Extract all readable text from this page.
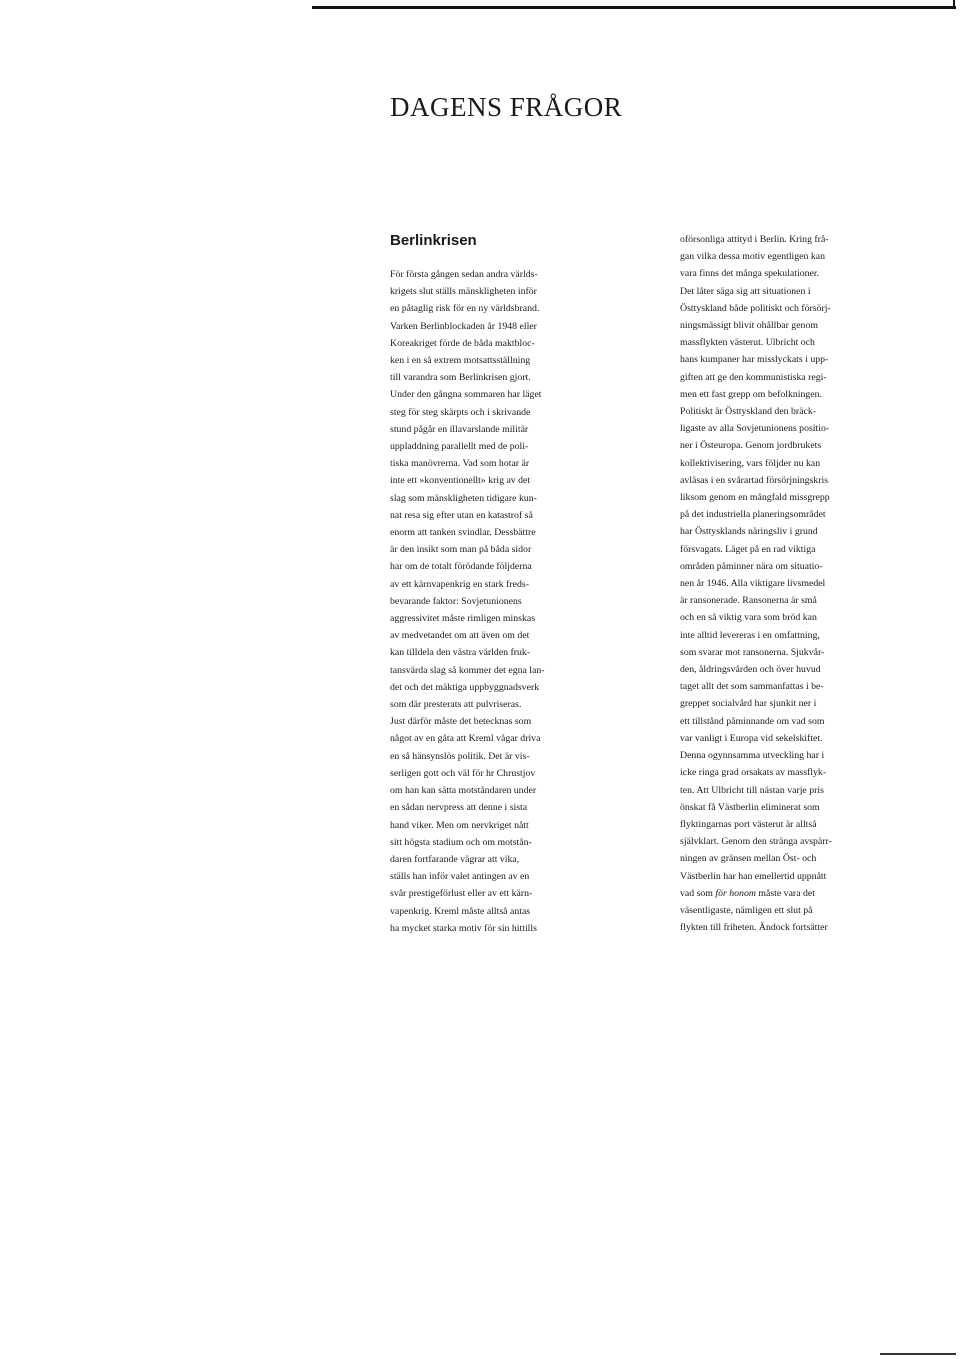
DAGENS FRÅGOR
Berlinkrisen
För första gången sedan andra världs-
krigets slut ställs mänskligheten inför
en påtaglig risk för en ny världsbrand.
Varken Berlinblockaden år 1948 eller
Koreakriget förde de båda maktbloc-
ken i en så extrem motsattsställning
till varandra som Berlinkrisen gjort.
Under den gångna sommaren har läget
steg för steg skärpts och i skrivande
stund pågår en illavarslande militär
uppladdning parallellt med de poli-
tiska manövrerna. Vad som hotar är
inte ett »konventionellt» krig av det
slag som mänskligheten tidigare kun-
nat resa sig efter utan en katastrof så
enorm att tanken svindlar. Dessbättre
är den insikt som man på båda sidor
har om de totalt förödande följderna
av ett kärnvapenkrig en stark freds-
bevarande faktor: Sovjetunionens
aggressivitet måste rimligen minskas
av medvetandet om att även om det
kan tilldela den västra världen fruk-
tansvärda slag så kommer det egna lan-
det och det mäktiga uppbyggnadsverk
som där presterats att pulvriseras.
Just därför måste det betecknas som
något av en gåta att Kreml vågar driva
en så hänsynslös politik. Det är vis-
serligen gott och väl för hr Chrustjov
om han kan sätta motståndaren under
en sådan nervpress att denne i sista
hand viker. Men om nervkriget nått
sitt högsta stadium och om motstån-
daren fortfarande vägrar att vika,
ställs han inför valet antingen av en
svår prestigeförlust eller av ett kärn-
vapenkrig. Kreml måste alltså antas
ha mycket starka motiv för sin hittills
oförsonliga attityd i Berlin. Kring frå-
gan vilka dessa motiv egentligen kan
vara finns det många spekulationer.
Det låter säga sig att situationen i
Östtyskland både politiskt och försörj-
ningsmässigt blivit ohållbar genom
massflykten västerut. Ulbricht och
hans kumpaner har misslyckats i upp-
giften att ge den kommunistiska regi-
men ett fast grepp om befolkningen.
Politiskt är Östtyskland den bräck-
ligaste av alla Sovjetunionens positio-
ner i Östeuropa. Genom jordbrukets
kollektivisering, vars följder nu kan
avläsas i en svårartad försörjningskris
liksom genom en mångfald missgrepp
på det industriella planeringsområdet
har Östtysklands näringsliv i grund
försvagats. Läget på en rad viktiga
områden påminner nära om situatio-
nen år 1946. Alla viktigare livsmedel
är ransonerade. Ransonerna är små
och en så viktig vara som bröd kan
inte alltid levereras i en omfattning,
som svarar mot ransonerna. Sjukvår-
den, åldringsvården och över huvud
taget allt det som sammanfattas i be-
greppet socialvård har sjunkit ner i
ett tillstånd påminnande om vad som
var vanligt i Europa vid sekelskiftet.
Denna ogynnsamma utveckling har i
icke ringa grad orsakats av massflyk-
ten. Att Ulbricht till nästan varje pris
önskat få Västberlin eliminerat som
flyktingarnas port västerut är alltså
självklart. Genom den stränga avspärr-
ningen av gränsen mellan Öst- och
Västberlin har han emellertid uppnått
vad som för honom måste vara det
väsentligaste, nämligen ett slut på
flykten till friheten. Ändock fortsätter
